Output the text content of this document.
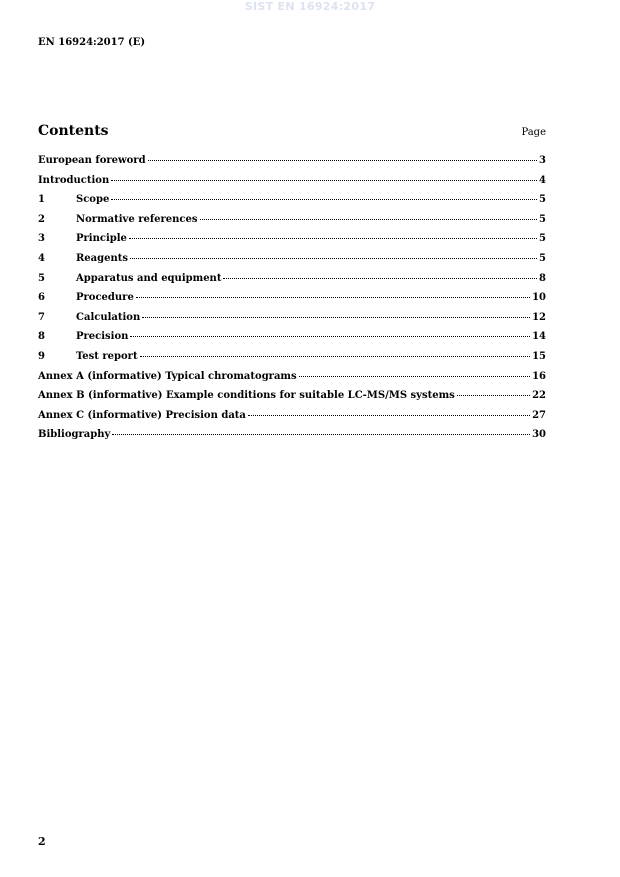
SIST EN 16924:2017
EN 16924:2017 (E)
Contents	Page
European foreword	3
Introduction	4
1	Scope	5
2	Normative references	5
3	Principle	5
4	Reagents	5
5	Apparatus and equipment	8
6	Procedure	10
7	Calculation	12
8	Precision	14
9	Test report	15
Annex A (informative) Typical chromatograms	16
Annex B (informative) Example conditions for suitable LC-MS/MS systems	22
Annex C (informative) Precision data	27
Bibliography	30
2
